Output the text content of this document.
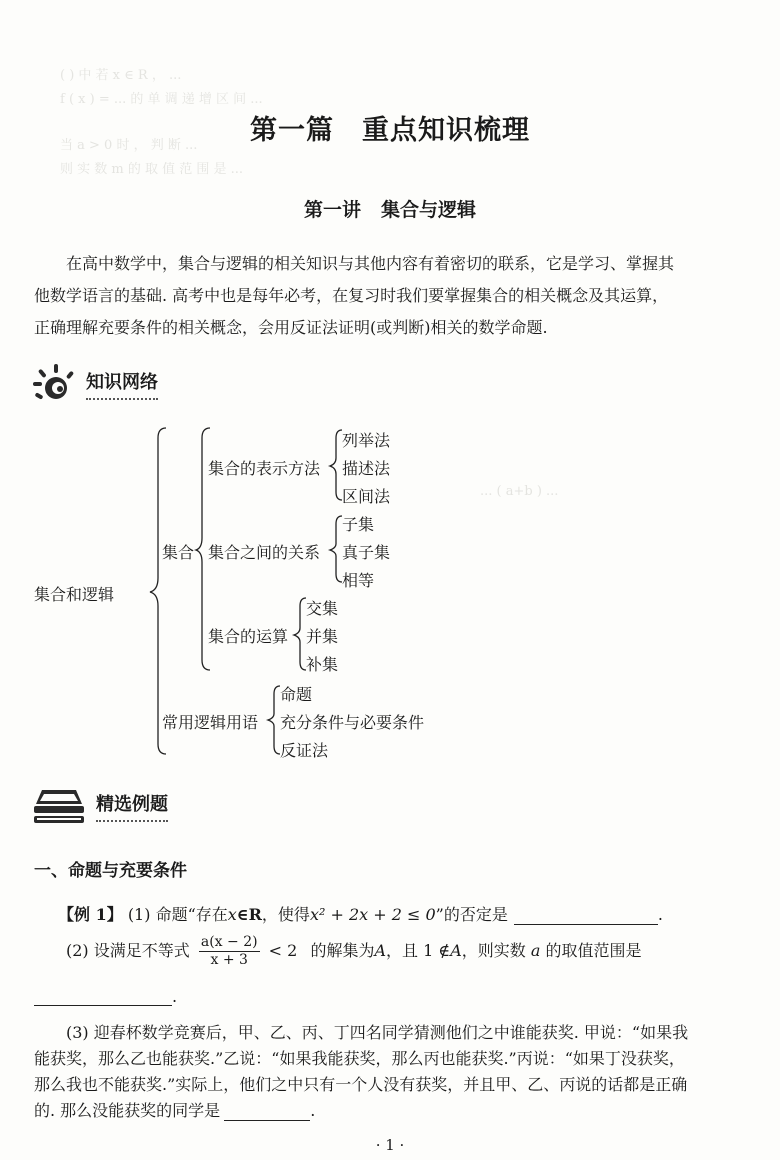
( ) 中 若 x ∈ R ， ...
f ( x ) = ... 的 单 调 递 增 区 间 ...
当 a > 0 时 ， 判 断 ...
则 实 数 m 的 取 值 范 围 是 ...
... ( a+b ) ...
第一篇 重点知识梳理
第一讲 集合与逻辑
在高中数学中，集合与逻辑的相关知识与其他内容有着密切的联系，它是学习、掌握其
他数学语言的基础. 高考中也是每年必考，在复习时我们要掌握集合的相关概念及其运算，
正确理解充要条件的相关概念，会用反证法证明(或判断)相关的数学命题.
知识网络
集合和逻辑
集合
集合的表示方法
列举法
描述法
区间法
集合之间的关系
子集
真子集
相等
集合的运算
交集
并集
补集
常用逻辑用语
命题
充分条件与必要条件
反证法
精选例题
一、命题与充要条件
【例 1】 (1) 命题“存在x∈R，使得x² + 2x + 2 ≤ 0”的否定是	.
(2) 设满足不等式 $\frac{a(x - 2)}{x + 3} < 2$ 的解集为A，且 1 ∉A，则实数 a 的取值范围是
.
(3) 迎春杯数学竞赛后，甲、乙、丙、丁四名同学猜测他们之中谁能获奖. 甲说：“如果我
能获奖，那么乙也能获奖.”乙说：“如果我能获奖，那么丙也能获奖.”丙说：“如果丁没获奖，
那么我也不能获奖.”实际上，他们之中只有一个人没有获奖，并且甲、乙、丙说的话都是正确
的. 那么没能获奖的同学是	.
· 1 ·
